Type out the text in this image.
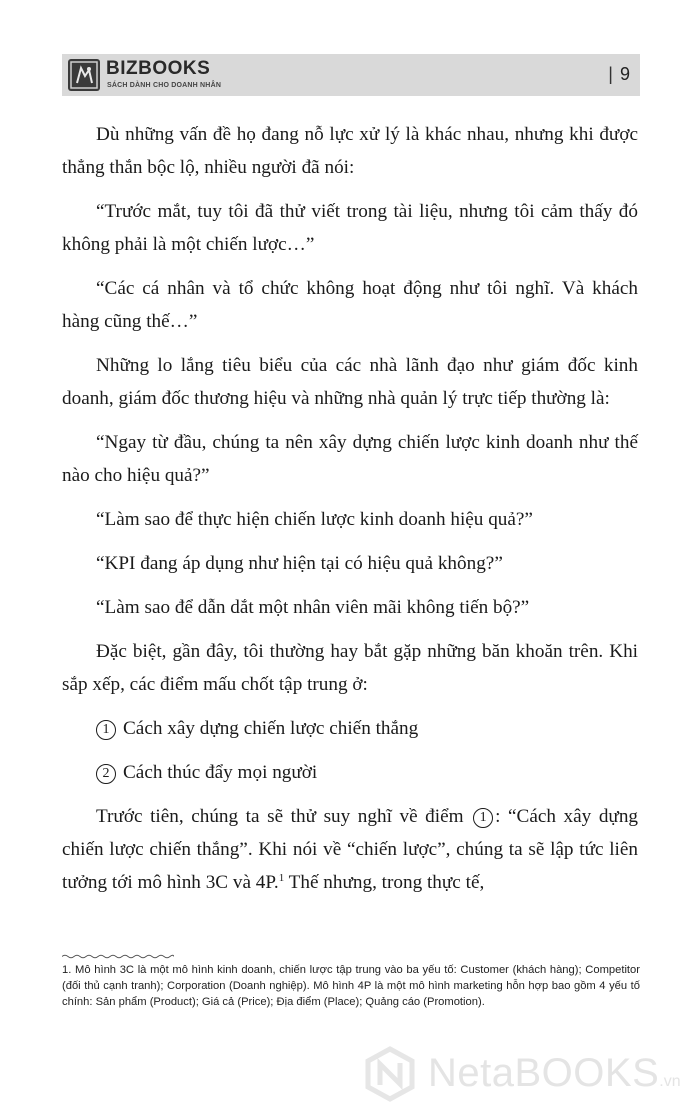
BIZBOOKS
SÁCH DÀNH CHO DOANH NHÂN
| 9

Dù những vấn đề họ đang nỗ lực xử lý là khác nhau, nhưng khi được thẳng thắn bộc lộ, nhiều người đã nói:

“Trước mắt, tuy tôi đã thử viết trong tài liệu, nhưng tôi cảm thấy đó không phải là một chiến lược…”

“Các cá nhân và tổ chức không hoạt động như tôi nghĩ. Và khách hàng cũng thế…”

Những lo lắng tiêu biểu của các nhà lãnh đạo như giám đốc kinh doanh, giám đốc thương hiệu và những nhà quản lý trực tiếp thường là:

“Ngay từ đầu, chúng ta nên xây dựng chiến lược kinh doanh như thế nào cho hiệu quả?”

“Làm sao để thực hiện chiến lược kinh doanh hiệu quả?”

“KPI đang áp dụng như hiện tại có hiệu quả không?”

“Làm sao để dẫn dắt một nhân viên mãi không tiến bộ?”

Đặc biệt, gần đây, tôi thường hay bắt gặp những băn khoăn trên. Khi sắp xếp, các điểm mấu chốt tập trung ở:

1 Cách xây dựng chiến lược chiến thắng

2 Cách thúc đẩy mọi người

Trước tiên, chúng ta sẽ thử suy nghĩ về điểm 1 : “Cách xây dựng chiến lược chiến thắng”. Khi nói về “chiến lược”, chúng ta sẽ lập tức liên tưởng tới mô hình 3C và 4P.$^1$ Thế nhưng, trong thực tế,

1. Mô hình 3C là một mô hình kinh doanh, chiến lược tập trung vào ba yếu tố: Customer (khách hàng); Competitor (đối thủ cạnh tranh); Corporation (Doanh nghiệp). Mô hình 4P là một mô hình marketing hỗn hợp bao gồm 4 yếu tố chính: Sản phẩm (Product); Giá cả (Price); Địa điểm (Place); Quảng cáo (Promotion).
NetaBOOKS.vn
